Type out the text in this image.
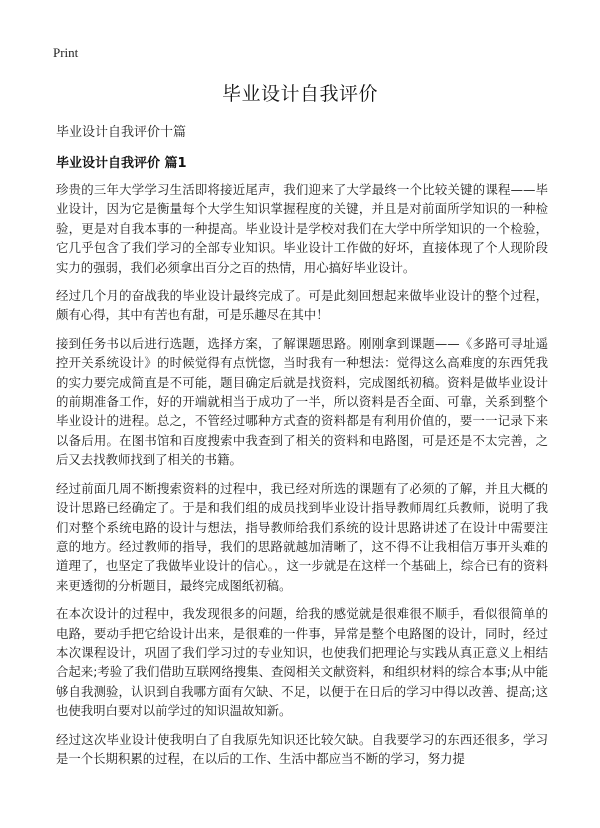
Print
毕业设计自我评价
毕业设计自我评价十篇
毕业设计自我评价 篇1

珍贵的三年大学学习生活即将接近尾声，我们迎来了大学最终一个比较关键的课程——毕业设计，因为它是衡量每个大学生知识掌握程度的关键，并且是对前面所学知识的一种检验，更是对自我本事的一种提高。毕业设计是学校对我们在大学中所学知识的一个检验，它几乎包含了我们学习的全部专业知识。毕业设计工作做的好坏，直接体现了个人现阶段实力的强弱，我们必须拿出百分之百的热情，用心搞好毕业设计。

经过几个月的奋战我的毕业设计最终完成了。可是此刻回想起来做毕业设计的整个过程，颇有心得，其中有苦也有甜，可是乐趣尽在其中！

接到任务书以后进行选题，选择方案，了解课题思路。刚刚拿到课题——《多路可寻址遥控开关系统设计》的时候觉得有点恍惚，当时我有一种想法：觉得这么高难度的东西凭我的实力要完成简直是不可能，题目确定后就是找资料，完成图纸初稿。资料是做毕业设计的前期准备工作，好的开端就相当于成功了一半，所以资料是否全面、可靠，关系到整个毕业设计的进程。总之，不管经过哪种方式查的资料都是有利用价值的，要一一记录下来以备后用。在图书馆和百度搜索中我查到了相关的资料和电路图，可是还是不太完善，之后又去找教师找到了相关的书籍。

经过前面几周不断搜索资料的过程中，我已经对所选的课题有了必须的了解，并且大概的设计思路已经确定了。于是和我们组的成员找到毕业设计指导教师周红兵教师，说明了我们对整个系统电路的设计与想法，指导教师给我们系统的设计思路讲述了在设计中需要注意的地方。经过教师的指导，我们的思路就越加清晰了，这不得不让我相信万事开头难的道理了，也坚定了我做毕业设计的信心。，这一步就是在这样一个基础上，综合已有的资料来更透彻的分析题目，最终完成图纸初稿。

在本次设计的过程中，我发现很多的问题，给我的感觉就是很难很不顺手，看似很简单的电路，要动手把它给设计出来，是很难的一件事，异常是整个电路图的设计，同时，经过本次课程设计，巩固了我们学习过的专业知识，也使我们把理论与实践从真正意义上相结合起来;考验了我们借助互联网络搜集、查阅相关文献资料，和组织材料的综合本事;从中能够自我测验，认识到自我哪方面有欠缺、不足，以便于在日后的学习中得以改善、提高;这也使我明白要对以前学过的知识温故知新。

经过这次毕业设计使我明白了自我原先知识还比较欠缺。自我要学习的东西还很多，学习是一个长期积累的过程，在以后的工作、生活中都应当不断的学习，努力提
